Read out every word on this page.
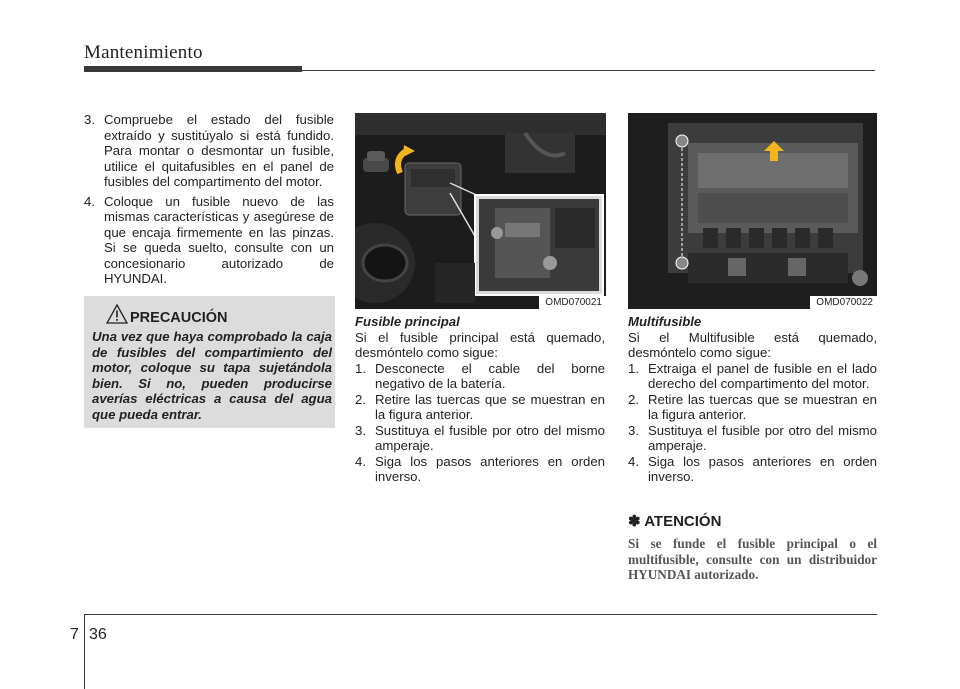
Mantenimiento
3. Compruebe el estado del fusible extraído y sustitúyalo si está fundido. Para montar o desmontar un fusible, utilice el quitafusibles en el panel de fusibles del compartimento del motor.
4. Coloque un fusible nuevo de las mismas características y asegúrese de que encaja firmemente en las pinzas. Si se queda suelto, consulte con un concesionario autorizado de HYUNDAI.
PRECAUCIÓN
Una vez que haya comprobado la caja de fusibles del compartimiento del motor, coloque su tapa sujetándola bien. Si no, pueden producirse averías eléctricas a causa del agua que pueda entrar.
OMD070021	OMD070022

Fusible principal

Si el fusible principal está quemado, desmóntelo como sigue:

1. Desconecte el cable del borne negativo de la batería.
2. Retire las tuercas que se muestran en la figura anterior.
3. Sustituya el fusible por otro del mismo amperaje.
4. Siga los pasos anteriores en orden inverso.

Multifusible

Si el Multifusible está quemado, desmóntelo como sigue:

1. Extraiga el panel de fusible en el lado derecho del compartimento del motor.
2. Retire las tuercas que se muestran en la figura anterior.
3. Sustituya el fusible por otro del mismo amperaje.
4. Siga los pasos anteriores en orden inverso.
✽ ATENCIÓN
Si se funde el fusible principal o el multifusible, consulte con un distribuidor HYUNDAI autorizado.
7 36
